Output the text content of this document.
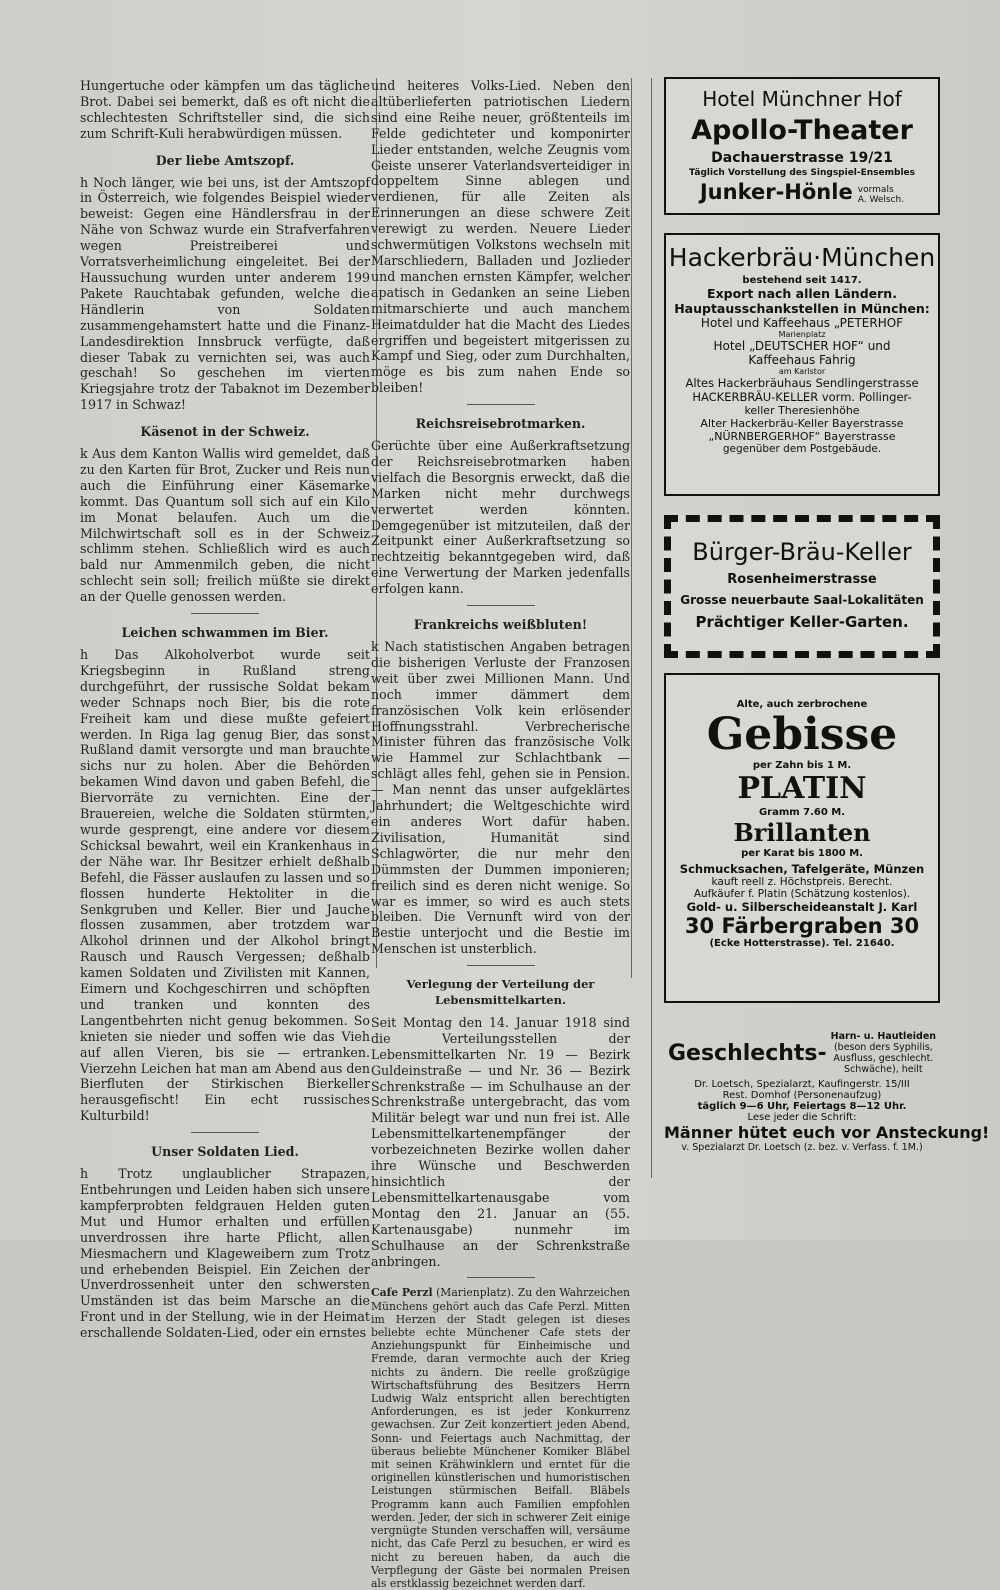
Hungertuche oder kämpfen um das tägliche Brot. Dabei sei bemerkt, daß es oft nicht die schlechtesten Schriftsteller sind, die sich zum Schrift-Kuli herabwürdigen müssen.

Der liebe Amtszopf.

h Noch länger, wie bei uns, ist der Amtszopf in Österreich, wie folgendes Beispiel wieder beweist: Gegen eine Händlersfrau in der Nähe von Schwaz wurde ein Strafverfahren wegen Preistreiberei und Vorratsverheimlichung eingeleitet. Bei der Haussuchung wurden unter anderem 199 Pakete Rauchtabak gefunden, welche die Händlerin von Soldaten zusammengehamstert hatte und die Finanz-Landesdirektion Innsbruck verfügte, daß dieser Tabak zu vernichten sei, was auch geschah! So geschehen im vierten Kriegsjahre trotz der Tabaknot im Dezember 1917 in Schwaz!

Käsenot in der Schweiz.

k Aus dem Kanton Wallis wird gemeldet, daß zu den Karten für Brot, Zucker und Reis nun auch die Einführung einer Käsemarke kommt. Das Quantum soll sich auf ein Kilo im Monat belaufen. Auch um die Milchwirtschaft soll es in der Schweiz schlimm stehen. Schließlich wird es auch bald nur Ammenmilch geben, die nicht schlecht sein soll; freilich müßte sie direkt an der Quelle genossen werden.

Leichen schwammen im Bier.

h Das Alkoholverbot wurde seit Kriegsbeginn in Rußland streng durchgeführt, der russische Soldat bekam weder Schnaps noch Bier, bis die rote Freiheit kam und diese mußte gefeiert werden. In Riga lag genug Bier, das sonst Rußland damit versorgte und man brauchte sichs nur zu holen. Aber die Behörden bekamen Wind davon und gaben Befehl, die Biervorräte zu vernichten. Eine der Brauereien, welche die Soldaten stürmten, wurde gesprengt, eine andere vor diesem Schicksal bewahrt, weil ein Krankenhaus in der Nähe war. Ihr Besitzer erhielt deßhalb Befehl, die Fässer auslaufen zu lassen und so flossen hunderte Hektoliter in die Senkgruben und Keller. Bier und Jauche flossen zusammen, aber trotzdem war Alkohol drinnen und der Alkohol bringt Rausch und Rausch Vergessen; deßhalb kamen Soldaten und Zivilisten mit Kannen, Eimern und Kochgeschirren und schöpften und tranken und konnten des Langentbehrten nicht genug bekommen. So knieten sie nieder und soffen wie das Vieh auf allen Vieren, bis sie — ertranken. Vierzehn Leichen hat man am Abend aus den Bierfluten der Stirkischen Bierkeller herausgefischt! Ein echt russisches Kulturbild!

Unser Soldaten Lied.

h Trotz unglaublicher Strapazen, Entbehrungen und Leiden haben sich unsere kampferprobten feldgrauen Helden guten Mut und Humor erhalten und erfüllen unverdrossen ihre harte Pflicht, allen Miesmachern und Klageweibern zum Trotz und erhebenden Beispiel. Ein Zeichen der Unverdrossenheit unter den schwersten Umständen ist das beim Marsche an die Front und in der Stellung, wie in der Heimat erschallende Soldaten-Lied, oder ein ernstes

und heiteres Volks-Lied. Neben den altüberlieferten patriotischen Liedern sind eine Reihe neuer, größtenteils im Felde gedichteter und komponirter Lieder entstanden, welche Zeugnis vom Geiste unserer Vaterlandsverteidiger in doppeltem Sinne ablegen und verdienen, für alle Zeiten als Erinnerungen an diese schwere Zeit verewigt zu werden. Neuere Lieder schwermütigen Volkstons wechseln mit Marschliedern, Balladen und Jozlieder und manchen ernsten Kämpfer, welcher apatisch in Gedanken an seine Lieben mitmarschierte und auch manchem Heimatdulder hat die Macht des Liedes ergriffen und begeistert mitgerissen zu Kampf und Sieg, oder zum Durchhalten, möge es bis zum nahen Ende so bleiben!

Reichsreisebrotmarken.

Gerüchte über eine Außerkraftsetzung der Reichsreisebrotmarken haben vielfach die Besorgnis erweckt, daß die Marken nicht mehr durchwegs verwertet werden könnten. Demgegenüber ist mitzuteilen, daß der Zeitpunkt einer Außerkraftsetzung so rechtzeitig bekanntgegeben wird, daß eine Verwertung der Marken jedenfalls erfolgen kann.

Frankreichs weißbluten!

k Nach statistischen Angaben betragen die bisherigen Verluste der Franzosen weit über zwei Millionen Mann. Und noch immer dämmert dem französischen Volk kein erlösender Hoffnungsstrahl. Verbrecherische Minister führen das französische Volk wie Hammel zur Schlachtbank — schlägt alles fehl, gehen sie in Pension. — Man nennt das unser aufgeklärtes Jahrhundert; die Weltgeschichte wird ein anderes Wort dafür haben. Zivilisation, Humanität sind Schlagwörter, die nur mehr den Dümmsten der Dummen imponieren; freilich sind es deren nicht wenige. So war es immer, so wird es auch stets bleiben. Die Vernunft wird von der Bestie unterjocht und die Bestie im Menschen ist unsterblich.

Verlegung der Verteilung der Lebensmittelkarten.

Seit Montag den 14. Januar 1918 sind die Verteilungsstellen der Lebensmittelkarten Nr. 19 — Bezirk Guldeinstraße — und Nr. 36 — Bezirk Schrenkstraße — im Schulhause an der Schrenkstraße untergebracht, das vom Militär belegt war und nun frei ist. Alle Lebensmittelkartenempfänger der vorbezeichneten Bezirke wollen daher ihre Wünsche und Beschwerden hinsichtlich der Lebensmittelkartenausgabe vom Montag den 21. Januar an (55. Kartenausgabe) nunmehr im Schulhause an der Schrenkstraße anbringen.

Cafe Perzl (Marienplatz). Zu den Wahrzeichen Münchens gehört auch das Cafe Perzl. Mitten im Herzen der Stadt gelegen ist dieses beliebte echte Münchener Cafe stets der Anziehungspunkt für Einheimische und Fremde, daran vermochte auch der Krieg nichts zu ändern. Die reelle großzügige Wirtschaftsführung des Besitzers Herrn Ludwig Walz entspricht allen berechtigten Anforderungen, es ist jeder Konkurrenz gewachsen. Zur Zeit konzertiert jeden Abend, Sonn- und Feiertags auch Nachmittag, der überaus beliebte Münchener Komiker Bläbel mit seinen Krähwinklern und erntet für die originellen künstlerischen und humoristischen Leistungen stürmischen Beifall. Bläbels Programm kann auch Familien empfohlen werden. Jeder, der sich in schwerer Zeit einige vergnügte Stunden verschaffen will, versäume nicht, das Cafe Perzl zu besuchen, er wird es nicht zu bereuen haben, da auch die Verpflegung der Gäste bei normalen Preisen als erstklassig bezeichnet werden darf.

Hotel Münchner Hof
Apollo-Theater
Dachauerstrasse 19/21
Täglich Vorstellung des Singspiel-Ensembles
Junker-Hönle vormals
A. Welsch.
Hackerbräu·München
bestehend seit 1417.
Export nach allen Ländern.
Hauptausschankstellen in München:
Hotel und Kaffeehaus „PETERHOF
Marienplatz
Hotel „DEUTSCHER HOF“ und
Kaffeehaus Fahrig
am Karlstor
Altes Hackerbräuhaus Sendlingerstrasse
HACKERBRÄU-KELLER vorm. Pollinger-
keller Theresienhöhe
Alter Hackerbräu-Keller Bayerstrasse
„NÜRNBERGERHOF“ Bayerstrasse
gegenüber dem Postgebäude.
Bürger-Bräu-Keller
Rosenheimerstrasse
Grosse neuerbaute Saal-Lokalitäten
Prächtiger Keller-Garten.
Alte, auch zerbrochene
Gebisse
per Zahn bis 1 M.
PLATIN
Gramm 7.60 M.
Brillanten
per Karat bis 1800 M.
Schmucksachen, Tafelgeräte, Münzen
kauft reell z. Höchstpreis. Berecht.
Aufkäufer f. Platin (Schätzung kostenlos).
Gold- u. Silberscheideanstalt J. Karl
30 Färbergraben 30
(Ecke Hotterstrasse). Tel. 21640.
Geschlechts-
Harn- u. Hautleiden
(beson ders Syphilis,
Ausfluss, geschlecht.
Schwäche), heilt
Dr. Loetsch, Spezialarzt, Kaufingerstr. 15/III
Rest. Domhof (Personenaufzug)
täglich 9—6 Uhr, Feiertags 8—12 Uhr.
Lese jeder die Schrift:
Männer hütet euch vor Ansteckung!
v. Spezialarzt Dr. Loetsch (z. bez. v. Verfass. f. 1M.)
